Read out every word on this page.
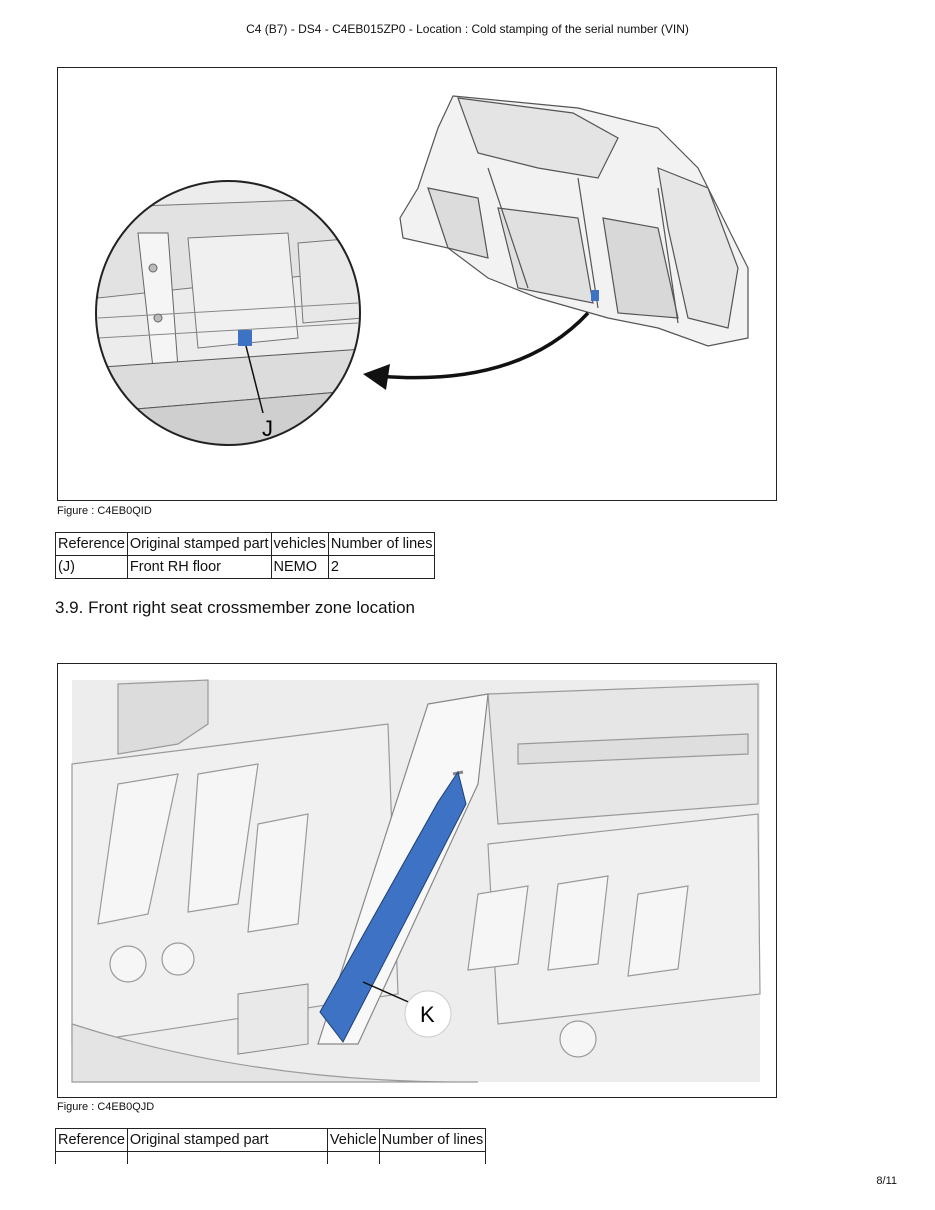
C4 (B7) - DS4 - C4EB015ZP0 - Location : Cold stamping of the serial number (VIN)
J
Figure : C4EB0QID
Reference	Original stamped part	vehicles	Number of lines
(J)	Front RH floor	NEMO	2
3.9. Front right seat crossmember zone location
K
Figure : C4EB0QJD
Reference	Original stamped part	Vehicle	Number of lines

8/11
